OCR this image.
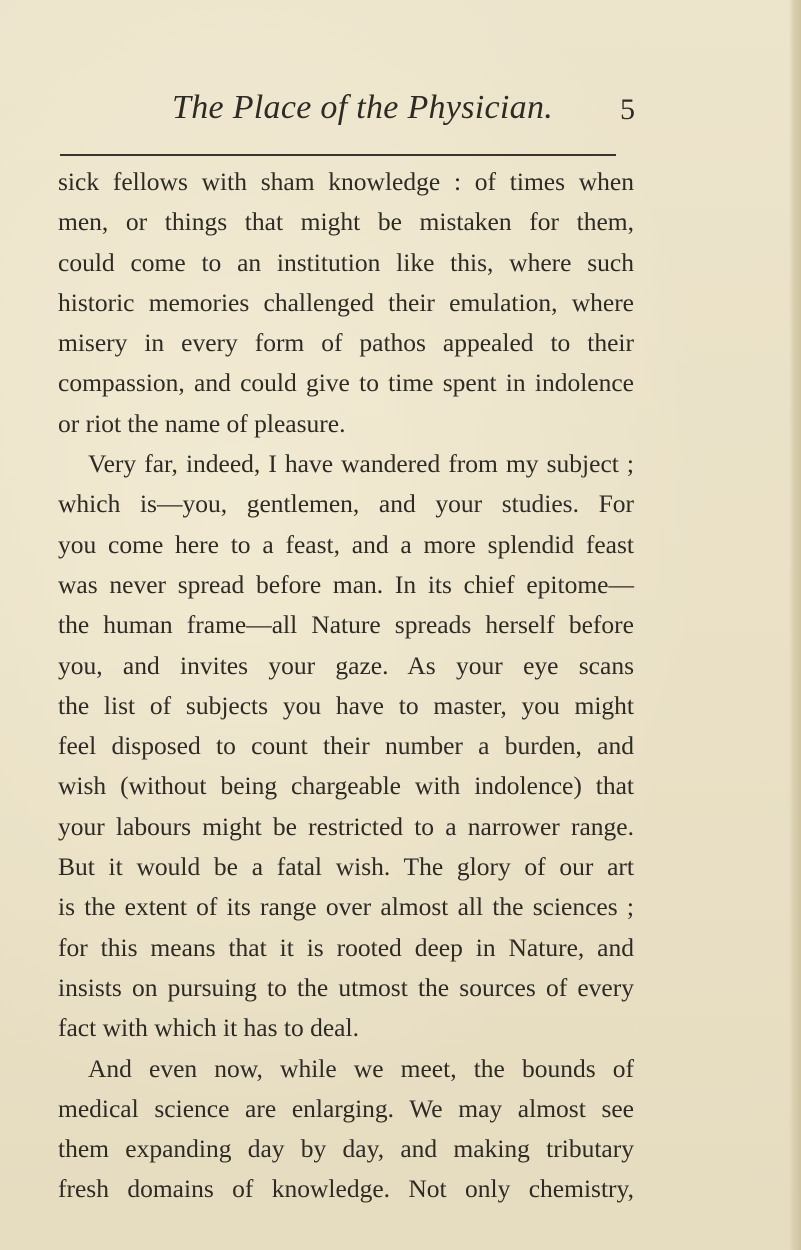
The Place of the Physician. 5
sick fellows with sham knowledge : of times when
men, or things that might be mistaken for them,
could come to an institution like this, where such
historic memories challenged their emulation, where
misery in every form of pathos appealed to their
compassion, and could give to time spent in indolence
or riot the name of pleasure.
Very far, indeed, I have wandered from my subject ;
which is—you, gentlemen, and your studies. For
you come here to a feast, and a more splendid feast
was never spread before man. In its chief epitome—
the human frame—all Nature spreads herself before
you, and invites your gaze. As your eye scans
the list of subjects you have to master, you might
feel disposed to count their number a burden, and
wish (without being chargeable with indolence) that
your labours might be restricted to a narrower range.
But it would be a fatal wish. The glory of our art
is the extent of its range over almost all the sciences ;
for this means that it is rooted deep in Nature, and
insists on pursuing to the utmost the sources of every
fact with which it has to deal.
And even now, while we meet, the bounds of
medical science are enlarging. We may almost see
them expanding day by day, and making tributary
fresh domains of knowledge. Not only chemistry,
